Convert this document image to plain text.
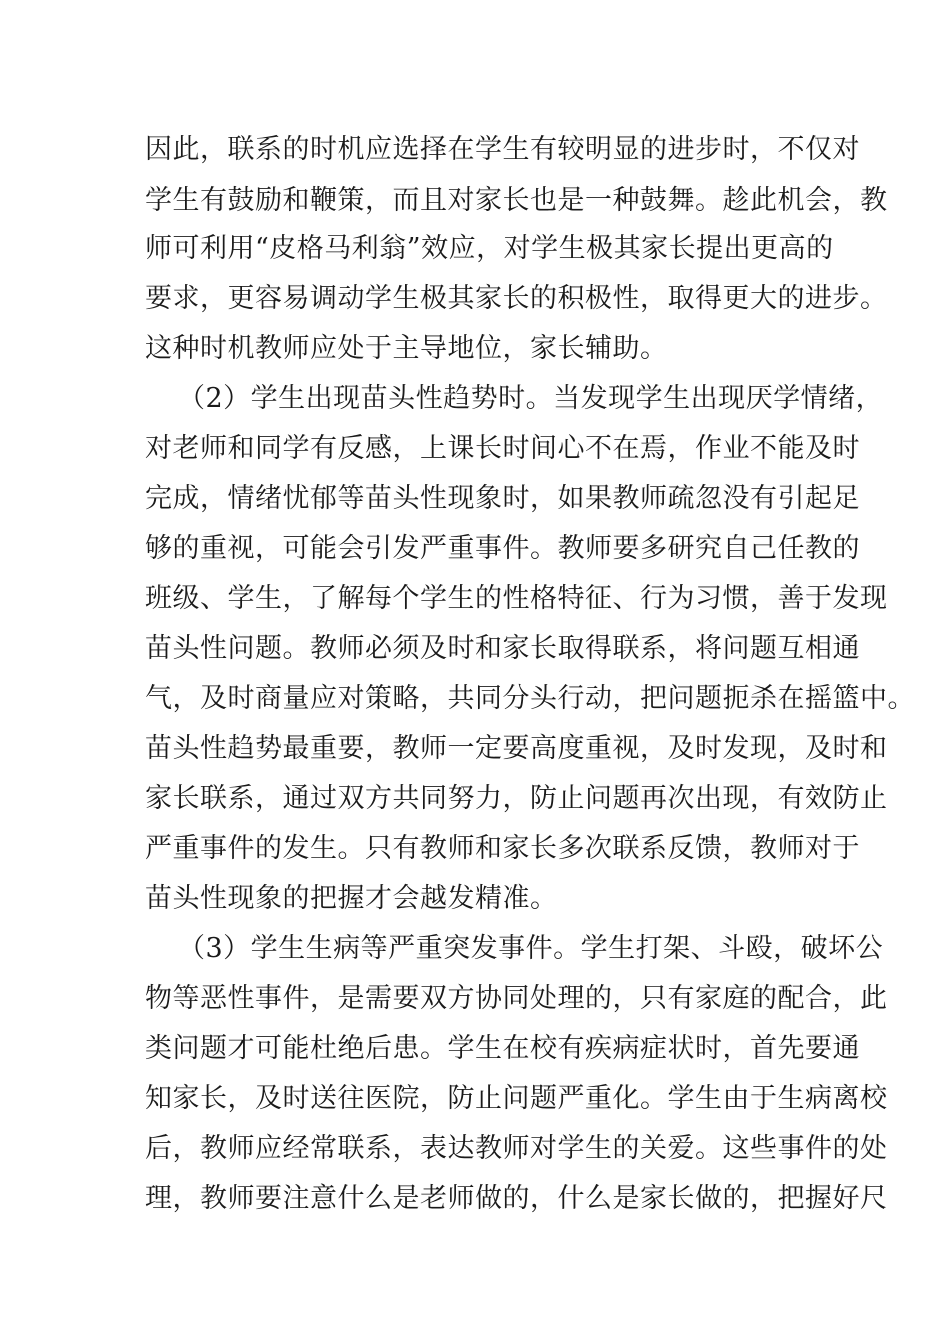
因此，联系的时机应选择在学生有较明显的进步时，不仅对
学生有鼓励和鞭策，而且对家长也是一种鼓舞。趁此机会，教
师可利用“皮格马利翁”效应，对学生极其家长提出更高的
要求，更容易调动学生极其家长的积极性，取得更大的进步。
这种时机教师应处于主导地位，家长辅助。
（2）学生出现苗头性趋势时。当发现学生出现厌学情绪，
对老师和同学有反感，上课长时间心不在焉，作业不能及时
完成，情绪忧郁等苗头性现象时，如果教师疏忽没有引起足
够的重视，可能会引发严重事件。教师要多研究自己任教的
班级、学生，了解每个学生的性格特征、行为习惯，善于发现
苗头性问题。教师必须及时和家长取得联系，将问题互相通
气，及时商量应对策略，共同分头行动，把问题扼杀在摇篮中。
苗头性趋势最重要，教师一定要高度重视，及时发现，及时和
家长联系，通过双方共同努力，防止问题再次出现，有效防止
严重事件的发生。只有教师和家长多次联系反馈，教师对于
苗头性现象的把握才会越发精准。
（3）学生生病等严重突发事件。学生打架、斗殴，破坏公
物等恶性事件，是需要双方协同处理的，只有家庭的配合，此
类问题才可能杜绝后患。学生在校有疾病症状时，首先要通
知家长，及时送往医院，防止问题严重化。学生由于生病离校
后，教师应经常联系，表达教师对学生的关爱。这些事件的处
理，教师要注意什么是老师做的，什么是家长做的，把握好尺
